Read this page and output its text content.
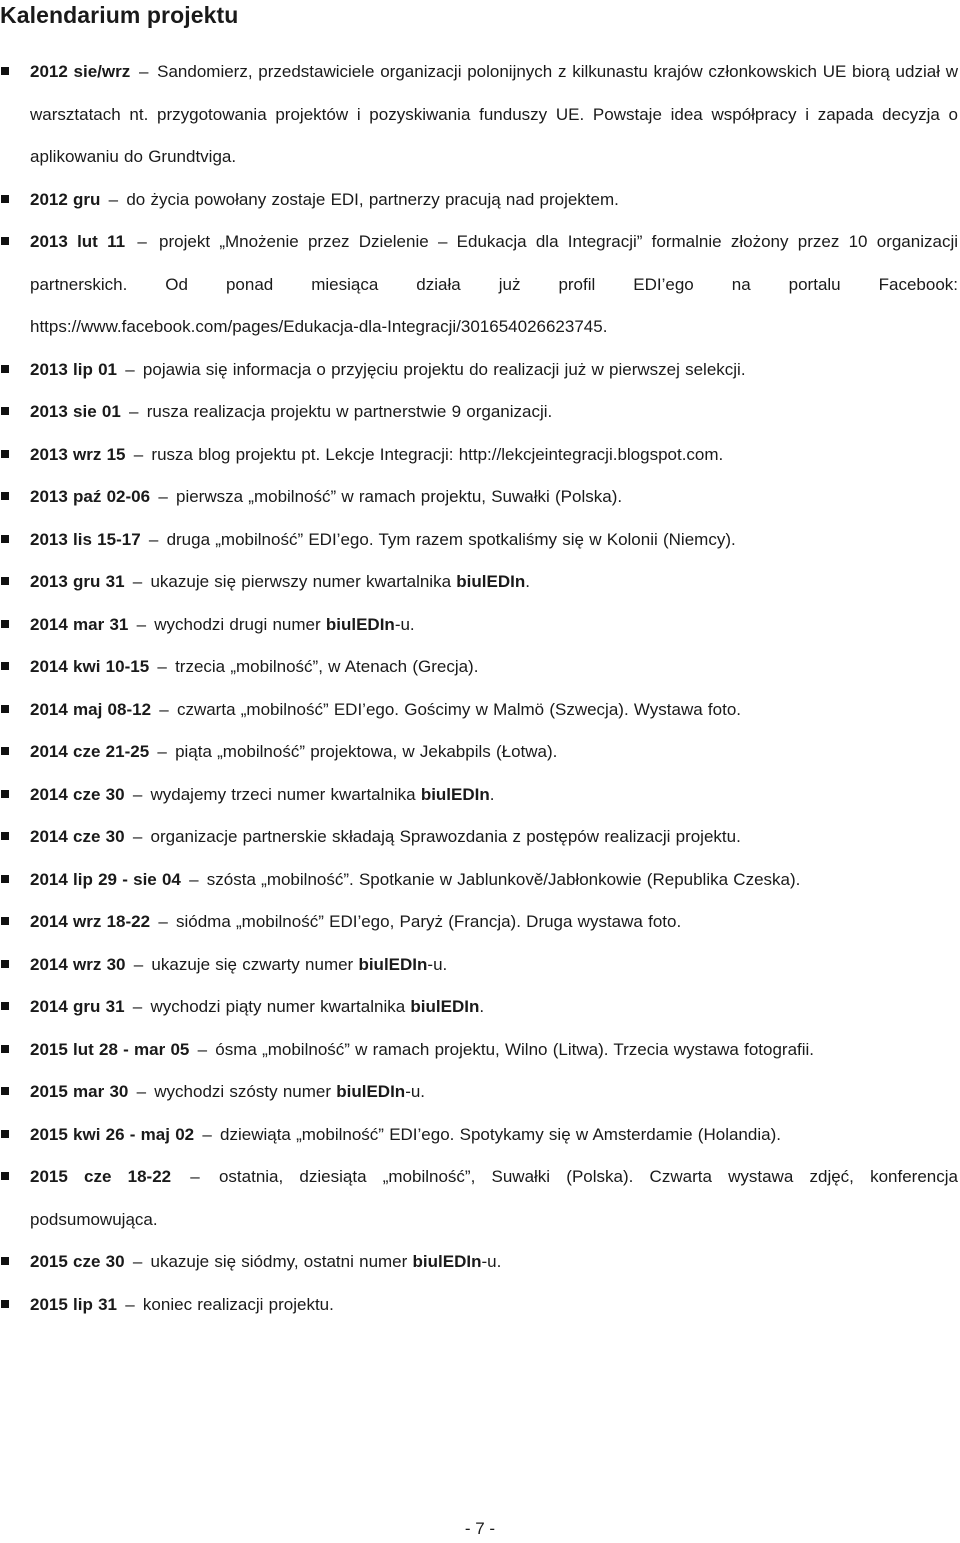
Kalendarium projektu
2012 sie/wrz – Sandomierz, przedstawiciele organizacji polonijnych z kilkunastu krajów członkowskich UE biorą udział w warsztatach nt. przygotowania projektów i pozyskiwania funduszy UE. Powstaje idea współpracy i zapada decyzja o aplikowaniu do Grundtviga.
2012 gru – do życia powołany zostaje EDI, partnerzy pracują nad projektem.
2013 lut 11 – projekt „Mnożenie przez Dzielenie – Edukacja dla Integracji” formalnie złożony przez 10 organizacji partnerskich. Od ponad miesiąca działa już profil EDI’ego na portalu Facebook: https://www.facebook.com/pages/Edukacja-dla-Integracji/301654026623745.
2013 lip 01 – pojawia się informacja o przyjęciu projektu do realizacji już w pierwszej selekcji.
2013 sie 01 – rusza realizacja projektu w partnerstwie 9 organizacji.
2013 wrz 15 – rusza blog projektu pt. Lekcje Integracji: http://lekcjeintegracji.blogspot.com.
2013 paź 02-06 – pierwsza „mobilność” w ramach projektu, Suwałki (Polska).
2013 lis 15-17 – druga „mobilność” EDI’ego. Tym razem spotkaliśmy się w Kolonii (Niemcy).
2013 gru 31 – ukazuje się pierwszy numer kwartalnika biulEDIn.
2014 mar 31 – wychodzi drugi numer biulEDIn-u.
2014 kwi 10-15 – trzecia „mobilność”, w Atenach (Grecja).
2014 maj 08-12 – czwarta „mobilność” EDI’ego. Gościmy w Malmö (Szwecja). Wystawa foto.
2014 cze 21-25 – piąta „mobilność” projektowa, w Jekabpils (Łotwa).
2014 cze 30 – wydajemy trzeci numer kwartalnika biulEDIn.
2014 cze 30 – organizacje partnerskie składają Sprawozdania z postępów realizacji projektu.
2014 lip 29 - sie 04 – szósta „mobilność”. Spotkanie w Jablunkově/Jabłonkowie (Republika Czeska).
2014 wrz 18-22 – siódma „mobilność” EDI’ego, Paryż (Francja). Druga wystawa foto.
2014 wrz 30 – ukazuje się czwarty numer biulEDIn-u.
2014 gru 31 – wychodzi piąty numer kwartalnika biulEDIn.
2015 lut 28 - mar 05 – ósma „mobilność” w ramach projektu, Wilno (Litwa). Trzecia wystawa fotografii.
2015 mar 30 – wychodzi szósty numer biulEDIn-u.
2015 kwi 26 - maj 02 – dziewiąta „mobilność” EDI’ego. Spotykamy się w Amsterdamie (Holandia).
2015 cze 18-22 – ostatnia, dziesiąta „mobilność”, Suwałki (Polska). Czwarta wystawa zdjęć, konferencja podsumowująca.
2015 cze 30 – ukazuje się siódmy, ostatni numer biulEDIn-u.
2015 lip 31 – koniec realizacji projektu.
- 7 -
